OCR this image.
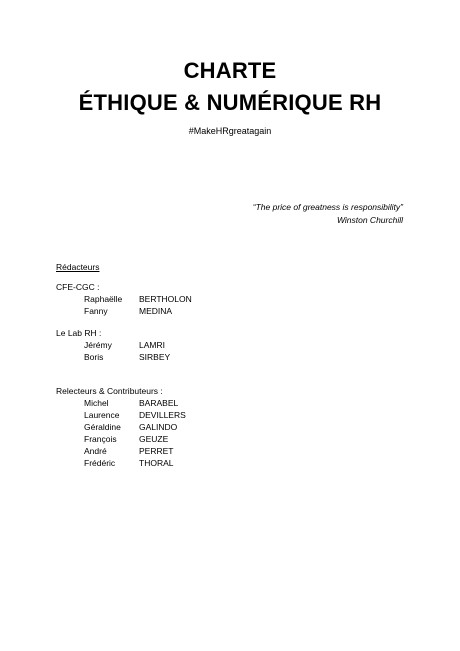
CHARTE
ÉTHIQUE & NUMÉRIQUE RH
#MakeHRgreatagain
“The price of greatness is responsibility”
Winston Churchill
Rédacteurs
CFE-CGC :
Raphaëlle	BERTHOLON
Fanny	MEDINA
Le Lab RH :
Jérémy	LAMRI
Boris	SIRBEY
Relecteurs & Contributeurs :
Michel	BARABEL
Laurence	DEVILLERS
Géraldine	GALINDO
François	GEUZE
André	PERRET
Frédéric	THORAL
